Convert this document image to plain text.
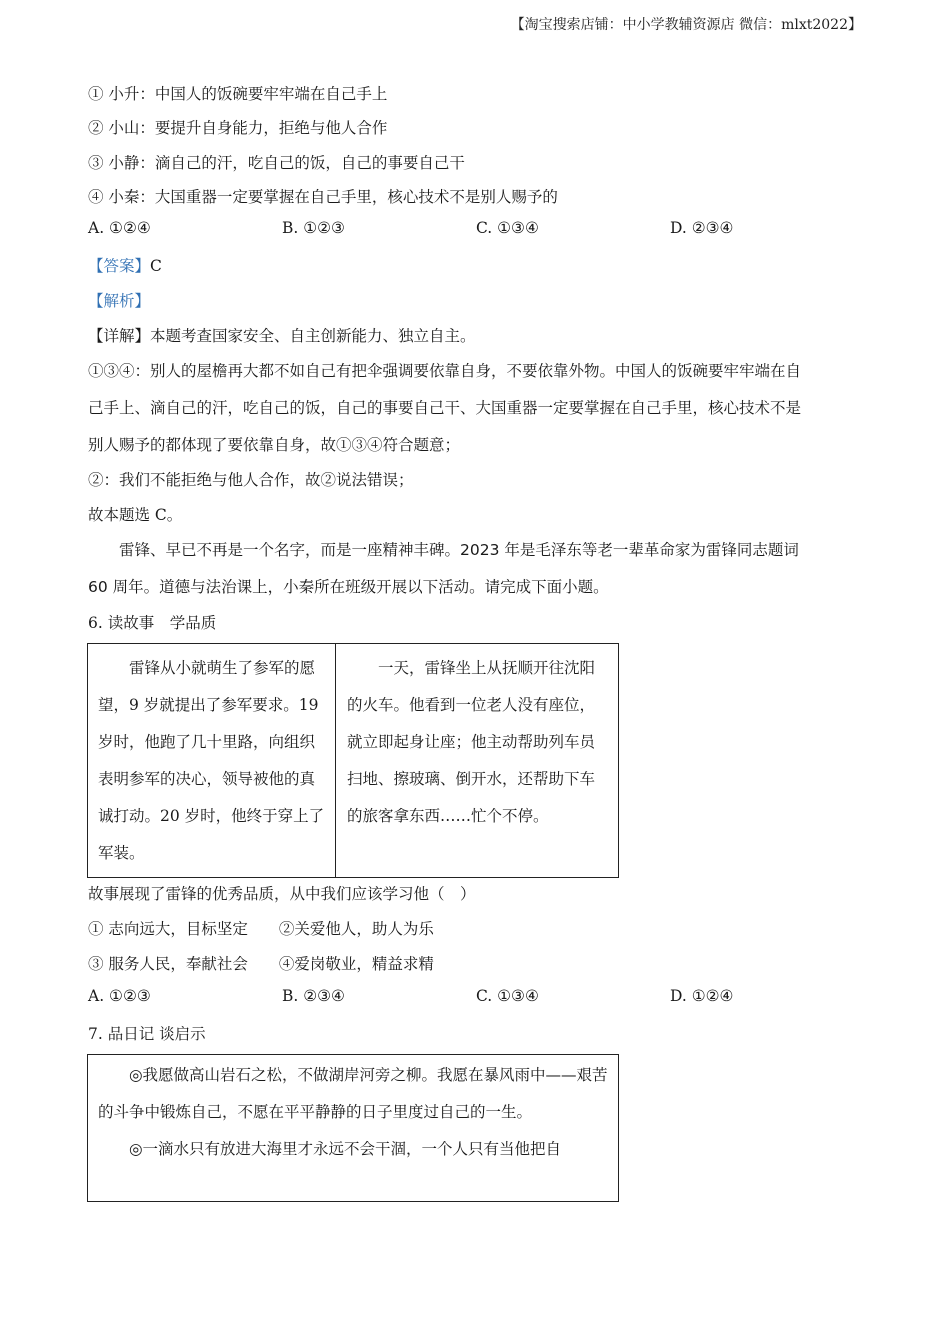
【淘宝搜索店铺：中小学教辅资源店 微信：mlxt2022】
① 小升：中国人的饭碗要牢牢端在自己手上
② 小山：要提升自身能力，拒绝与他人合作
③ 小静：滴自己的汗，吃自己的饭，自己的事要自己干
④ 小秦：大国重器一定要掌握在自己手里，核心技术不是别人赐予的
A. ①②④	B. ①②③	C. ①③④	D. ②③④
【答案】C
【解析】
【详解】本题考查国家安全、自主创新能力、独立自主。
①③④：别人的屋檐再大都不如自己有把伞强调要依靠自身，不要依靠外物。中国人的饭碗要牢牢端在自
己手上、滴自己的汗，吃自己的饭，自己的事要自己干、大国重器一定要掌握在自己手里，核心技术不是
别人赐予的都体现了要依靠自身，故①③④符合题意；
②：我们不能拒绝与他人合作，故②说法错误；
故本题选 C。
雷锋、早已不再是一个名字，而是一座精神丰碑。2023 年是毛泽东等老一辈革命家为雷锋同志题词
60 周年。道德与法治课上，小秦所在班级开展以下活动。请完成下面小题。
6. 读故事　学品质
雷锋从小就萌生了参军的愿望，9 岁就提出了参军要求。19 岁时，他跑了几十里路，向组织表明参军的决心，领导被他的真诚打动。20 岁时，他终于穿上了军装。
一天，雷锋坐上从抚顺开往沈阳的火车。他看到一位老人没有座位，就立即起身让座；他主动帮助列车员扫地、擦玻璃、倒开水，还帮助下车的旅客拿东西……忙个不停。
故事展现了雷锋的优秀品质，从中我们应该学习他（　）
① 志向远大，目标坚定　　②关爱他人，助人为乐
③ 服务人民，奉献社会　　④爱岗敬业，精益求精
A. ①②③	B. ②③④	C. ①③④	D. ①②④
7. 品日记 谈启示
◎我愿做高山岩石之松，不做湖岸河旁之柳。我愿在暴风雨中——艰苦的斗争中锻炼自己，不愿在平平静静的日子里度过自己的一生。
◎一滴水只有放进大海里才永远不会干涸，一个人只有当他把自
